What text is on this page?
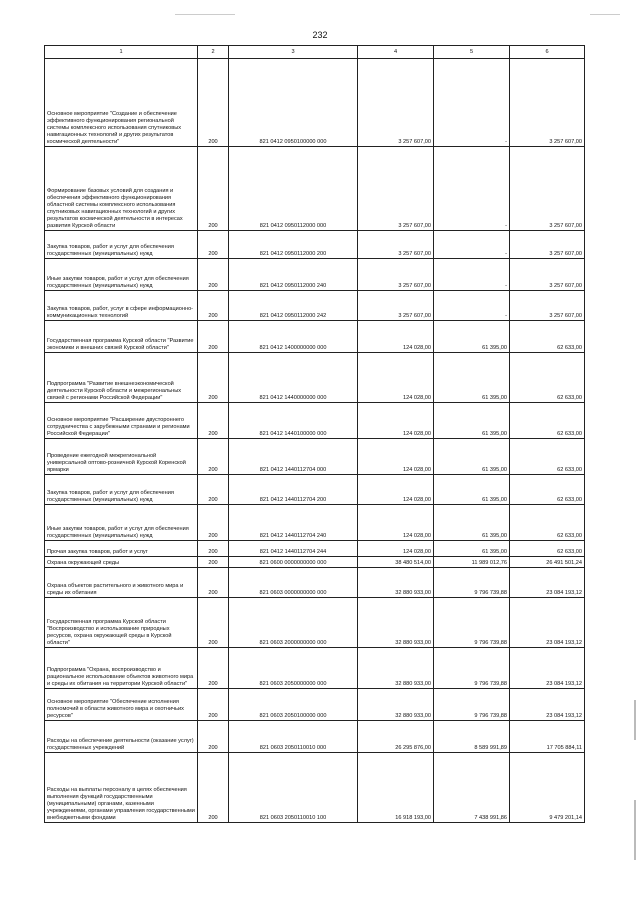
232
1	2	3	4	5	6
Основное мероприятие "Создание и обеспечение эффективного функционирования региональной системы комплексного использования спутниковых навигационных технологий и других результатов космической деятельности"	200	821 0412 0950100000 000	3 257 607,00	-	3 257 607,00
Формирование базовых условий для создания и обеспечения эффективного функционирования областной системы комплексного использования спутниковых навигационных технологий и других результатов космической деятельности в интересах развития Курской области	200	821 0412 0950112000 000	3 257 607,00	-	3 257 607,00
Закупка товаров, работ и услуг для обеспечения государственных (муниципальных) нужд	200	821 0412 0950112000 200	3 257 607,00	-	3 257 607,00
Иные закупки товаров, работ и услуг для обеспечения государственных (муниципальных) нужд	200	821 0412 0950112000 240	3 257 607,00	-	3 257 607,00
Закупка товаров, работ, услуг в сфере информационно-коммуникационных технологий	200	821 0412 0950112000 242	3 257 607,00	-	3 257 607,00
Государственная программа Курской области "Развитие экономики и внешних связей Курской области"	200	821 0412 1400000000 000	124 028,00	61 395,00	62 633,00
Подпрограмма "Развитие внешнеэкономической деятельности Курской области и межрегиональных связей с регионами Российской Федерации"	200	821 0412 1440000000 000	124 028,00	61 395,00	62 633,00
Основное мероприятие "Расширение двустороннего сотрудничества с зарубежными странами и регионами Российской Федерации"	200	821 0412 1440100000 000	124 028,00	61 395,00	62 633,00
Проведение ежегодной межрегиональной универсальной оптово-розничной Курской Коренской ярмарки	200	821 0412 1440112704 000	124 028,00	61 395,00	62 633,00
Закупка товаров, работ и услуг для обеспечения государственных (муниципальных) нужд	200	821 0412 1440112704 200	124 028,00	61 395,00	62 633,00
Иные закупки товаров, работ и услуг для обеспечения государственных (муниципальных) нужд	200	821 0412 1440112704 240	124 028,00	61 395,00	62 633,00
Прочая закупка товаров, работ и услуг	200	821 0412 1440112704 244	124 028,00	61 395,00	62 633,00
Охрана окружающей среды	200	821 0600 0000000000 000	38 480 514,00	11 989 012,76	26 491 501,24
Охрана объектов растительного и животного мира и среды их обитания	200	821 0603 0000000000 000	32 880 933,00	9 796 739,88	23 084 193,12
Государственная программа Курской области "Воспроизводство и использование природных ресурсов, охрана окружающей среды в Курской области"	200	821 0603 2000000000 000	32 880 933,00	9 796 739,88	23 084 193,12
Подпрограмма "Охрана, воспроизводство и рациональное использование объектов животного мира и среды их обитания на территории Курской области"	200	821 0603 2050000000 000	32 880 933,00	9 796 739,88	23 084 193,12
Основное мероприятие "Обеспечение исполнения полномочий в области животного мира и охотничьих ресурсов"	200	821 0603 2050100000 000	32 880 933,00	9 796 739,88	23 084 193,12
Расходы на обеспечение деятельности (оказание услуг) государственных учреждений	200	821 0603 2050110010 000	26 295 876,00	8 589 991,89	17 705 884,11
Расходы на выплаты персоналу в целях обеспечения выполнения функций государственными (муниципальными) органами, казенными учреждениями, органами управления государственными внебюджетными фондами	200	821 0603 2050110010 100	16 918 193,00	7 438 991,86	9 479 201,14
